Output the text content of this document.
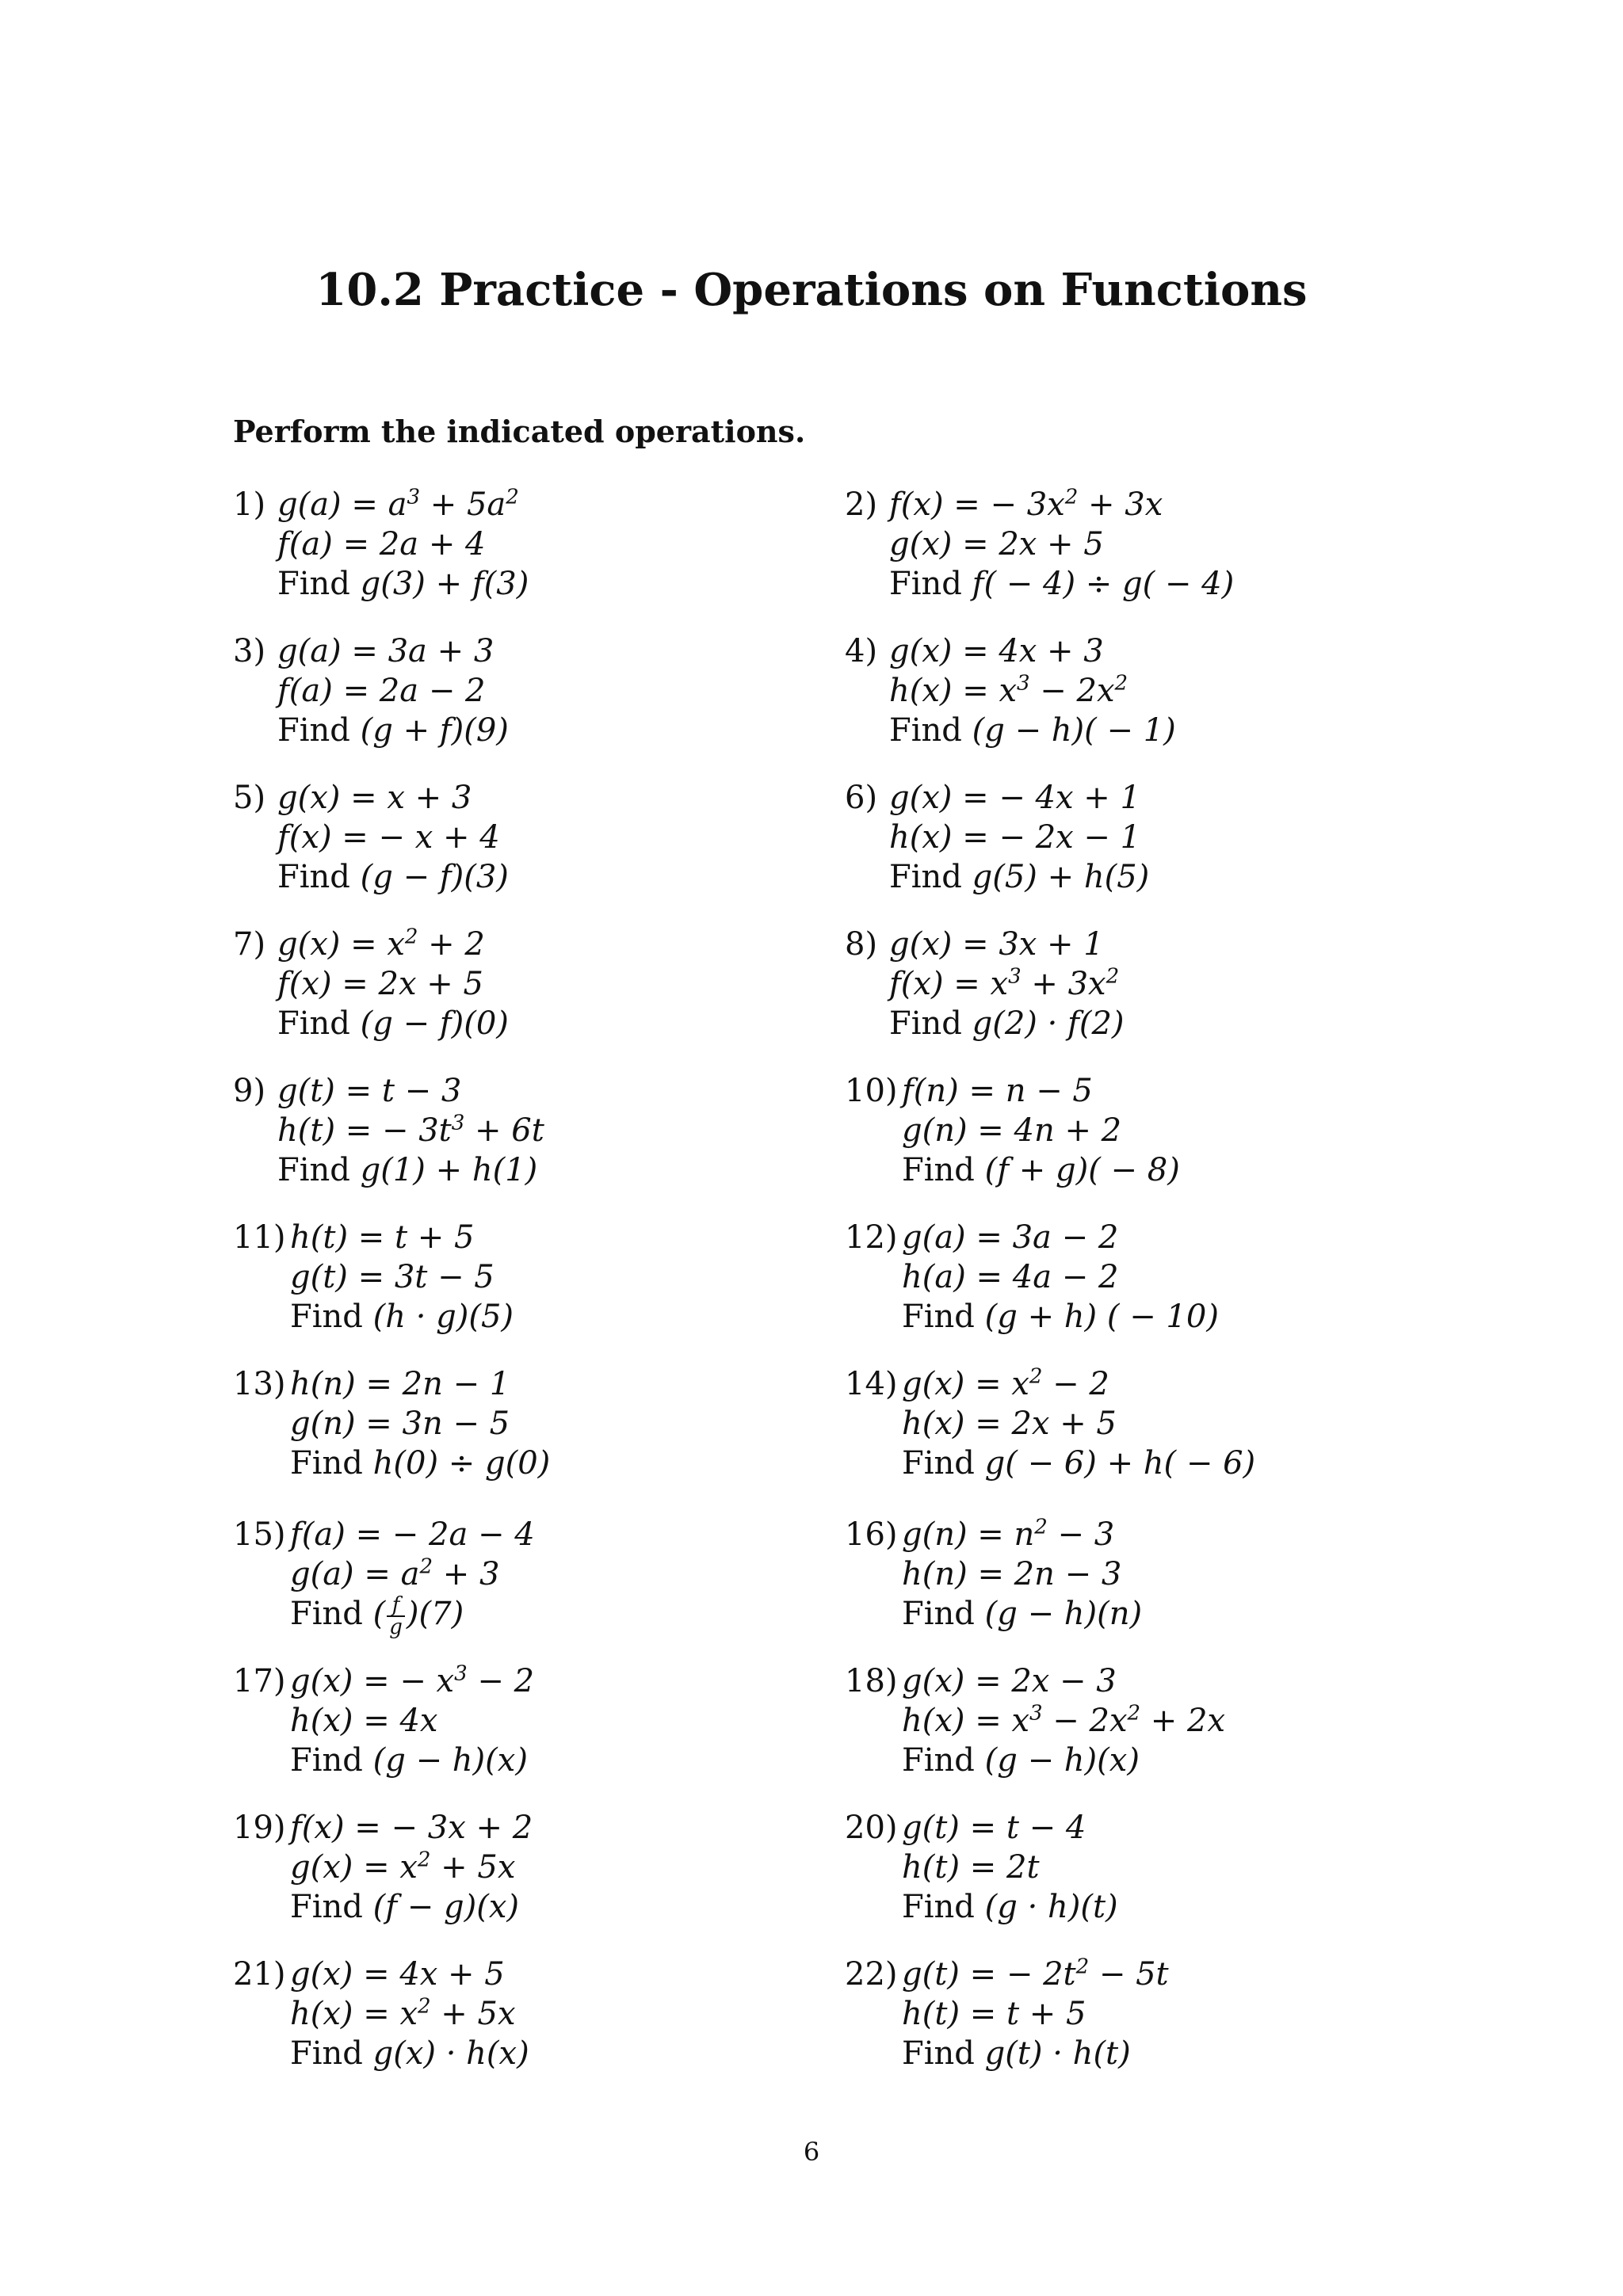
10.2 Practice - Operations on Functions
Perform the indicated operations.
1) $g(a) = a^3 + 5a^2$
f(a) = 2a + 4
Find g(3) + f(3)
2) f(x) = − $3x^2 + 3x$
g(x) = 2x + 5
Find f( − 4) ÷ g( − 4)
3) g(a) = 3a + 3
f(a) = 2a − 2
Find (g + f)(9)
4) g(x) = 4x + 3
$h(x) = x^3 - 2x^2$
Find (g − h)( − 1)
5) g(x) = x + 3
f(x) = − x + 4
Find (g − f)(3)
6) g(x) = − 4x + 1
h(x) = − 2x − 1
Find g(5) + h(5)
7) $g(x) = x^2 + 2$
f(x) = 2x + 5
Find (g − f)(0)
8) g(x) = 3x + 1
$f(x) = x^3 + 3x^2$
Find g(2) · f(2)
9) g(t) = t − 3
h(t) = − $3t^3 + 6t$
Find g(1) + h(1)
10) f(n) = n − 5
g(n) = 4n + 2
Find (f + g)( − 8)
11) h(t) = t + 5
g(t) = 3t − 5
Find (h · g)(5)
12) g(a) = 3a − 2
h(a) = 4a − 2
Find (g + h) ( − 10)
13) h(n) = 2n − 1
g(n) = 3n − 5
Find h(0) ÷ g(0)
14) $g(x) = x^2 - 2$
h(x) = 2x + 5
Find g( − 6) + h( − 6)
15) f(a) = − 2a − 4
$g(a) = a^2 + 3$
Find ( $\frac{f}{g} )(7)$
16) $g(n) = n^2 - 3$
h(n) = 2n − 3
Find (g − h)(n)
17) g(x) = − $x^3 - 2$
h(x) = 4x
Find (g − h)(x)
18) g(x) = 2x − 3
$h(x) = x^3 - 2x^2 + 2x$
Find (g − h)(x)
19) f(x) = − 3x + 2
$g(x) = x^2 + 5x$
Find (f − g)(x)
20) g(t) = t − 4
h(t) = 2t
Find (g · h)(t)
21) g(x) = 4x + 5
$h(x) = x^2 + 5x$
Find g(x) · h(x)
22) g(t) = − $2t^2 - 5t$
h(t) = t + 5
Find g(t) · h(t)
6
